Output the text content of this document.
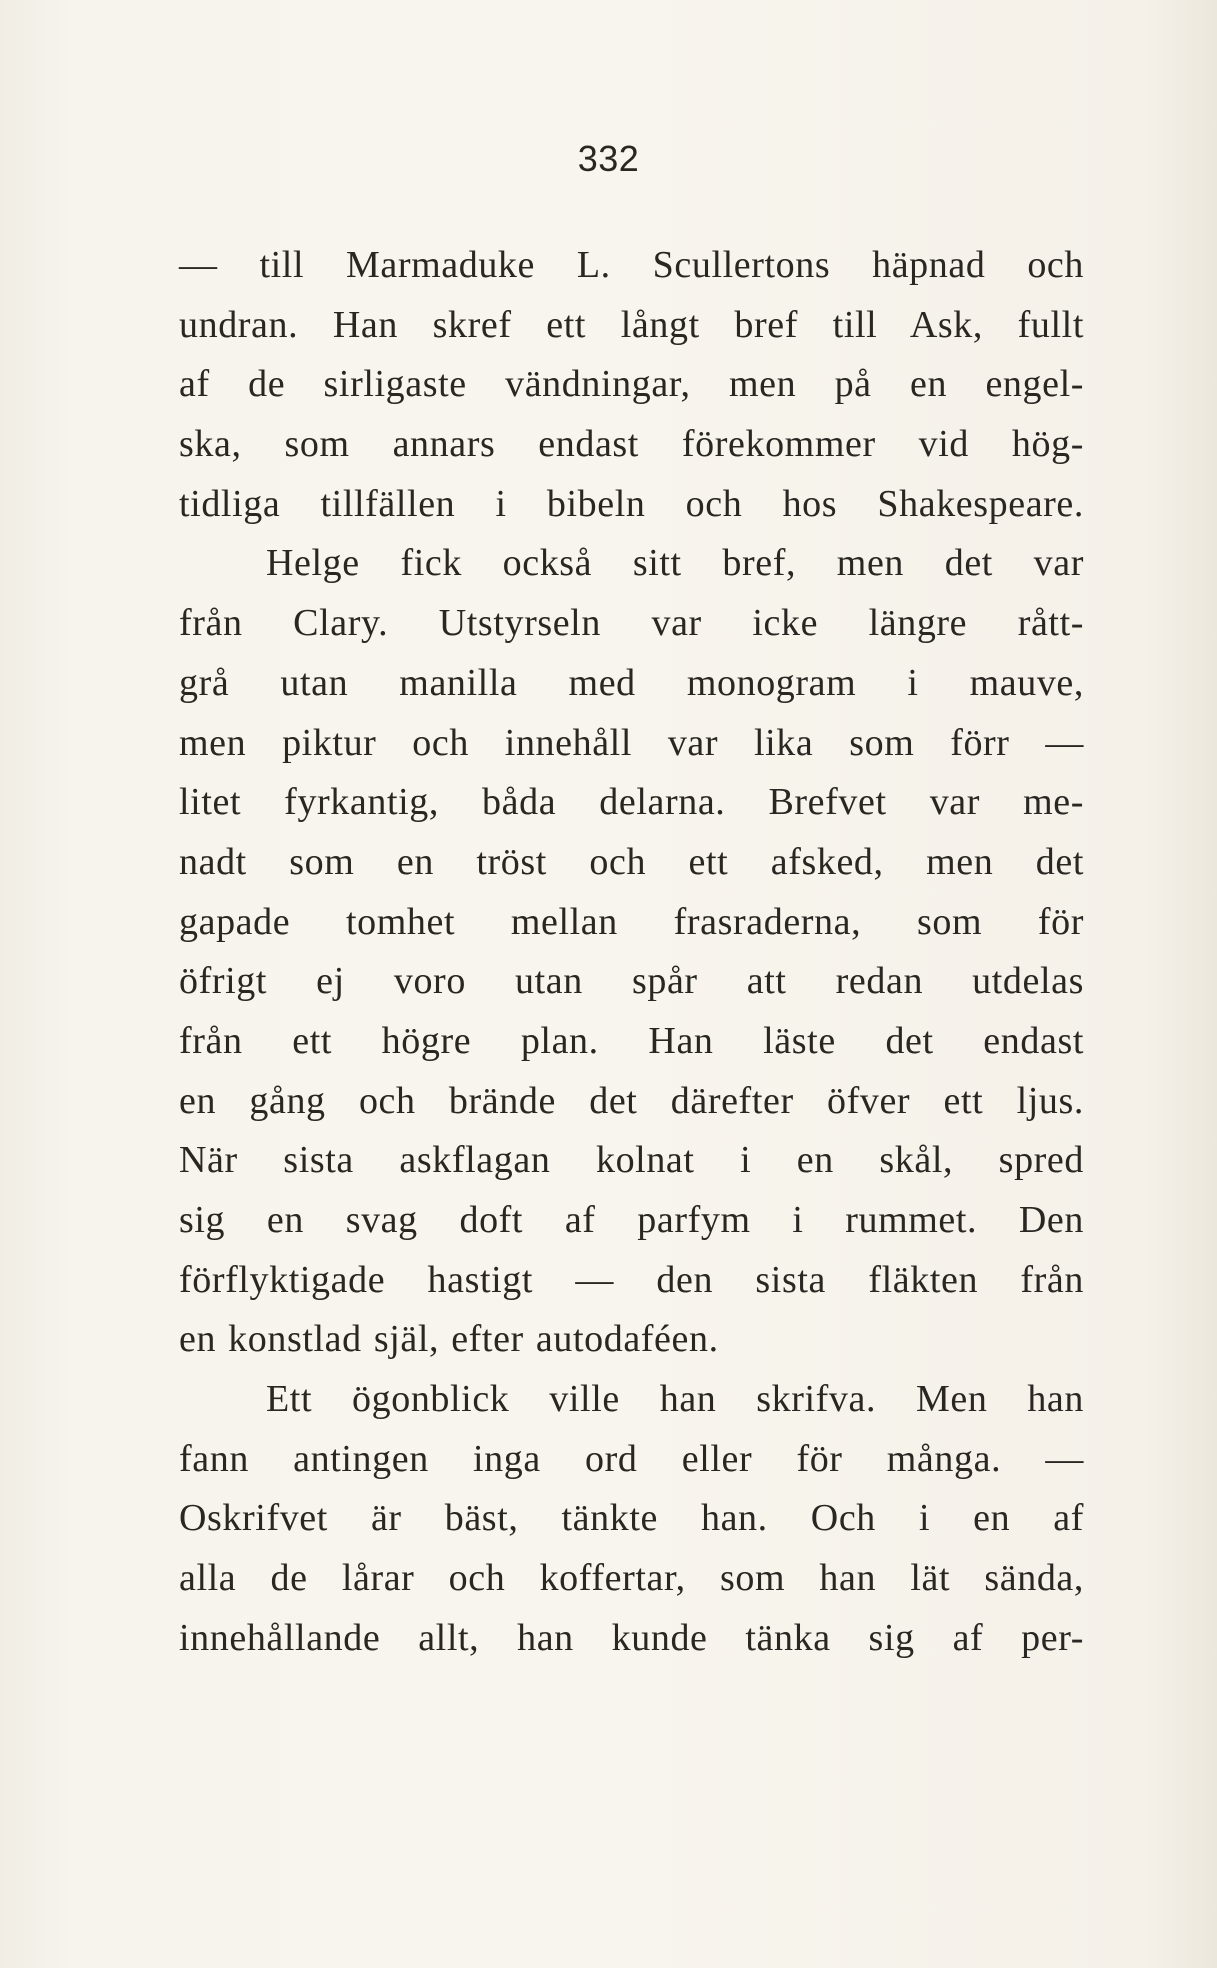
332
— till Marmaduke L. Scullertons häpnad och
undran. Han skref ett långt bref till Ask, fullt
af de sirligaste vändningar, men på en engel-
ska, som annars endast förekommer vid hög-
tidliga tillfällen i bibeln och hos Shakespeare.
Helge fick också sitt bref, men det var
från Clary. Utstyrseln var icke längre rått-
grå utan manilla med monogram i mauve,
men piktur och innehåll var lika som förr —
litet fyrkantig, båda delarna. Brefvet var me-
nadt som en tröst och ett afsked, men det
gapade tomhet mellan frasraderna, som för
öfrigt ej voro utan spår att redan utdelas
från ett högre plan. Han läste det endast
en gång och brände det därefter öfver ett ljus.
När sista askflagan kolnat i en skål, spred
sig en svag doft af parfym i rummet. Den
förflyktigade hastigt — den sista fläkten från
en konstlad själ, efter autodaféen.
Ett ögonblick ville han skrifva. Men han
fann antingen inga ord eller för många. —
Oskrifvet är bäst, tänkte han. Och i en af
alla de lårar och koffertar, som han lät sända,
innehållande allt, han kunde tänka sig af per-
